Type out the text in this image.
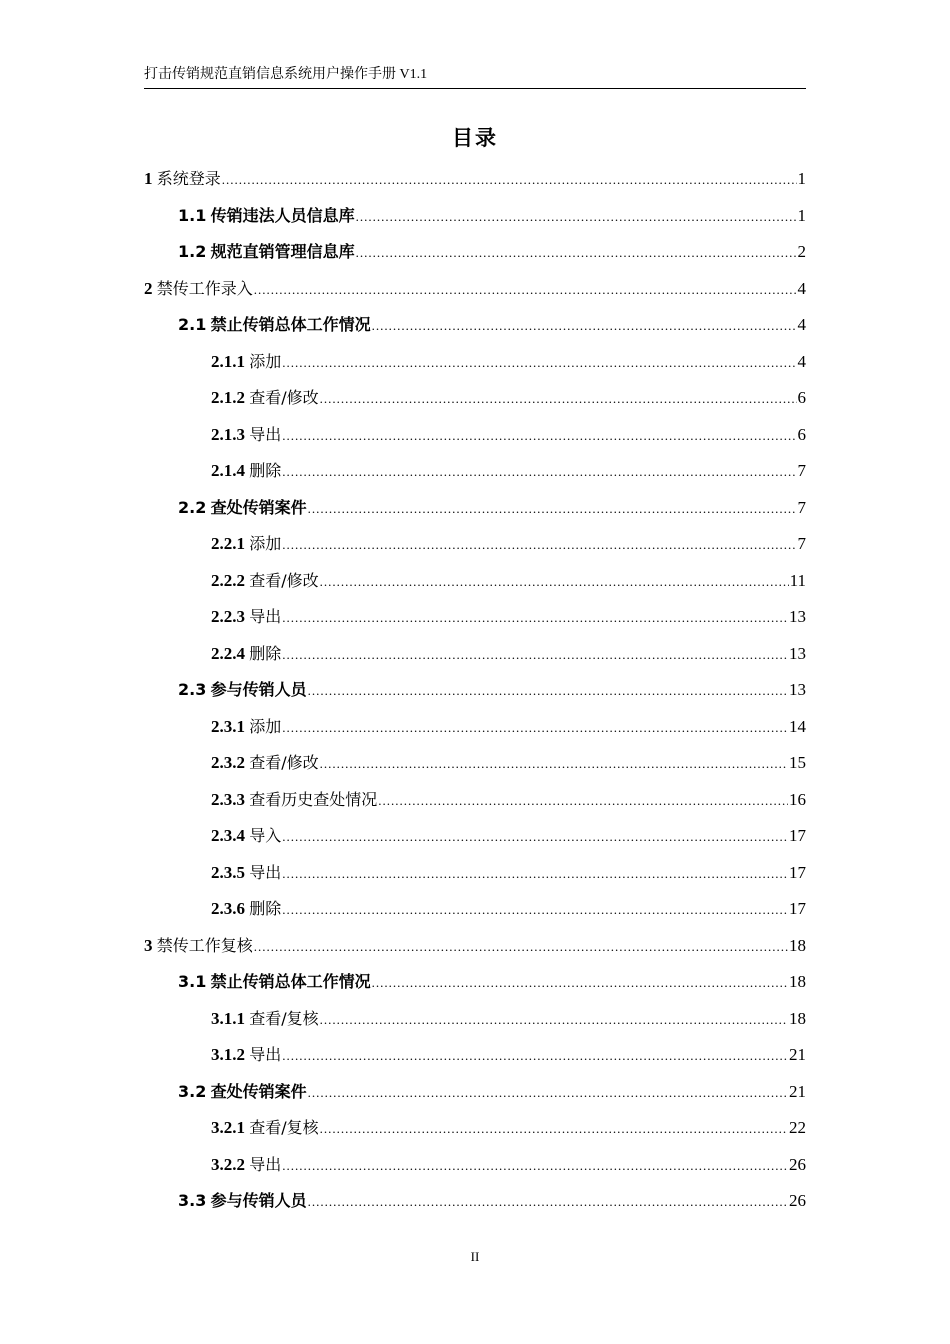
打击传销规范直销信息系统用户操作手册 V1.1
目录
1 系统登录 .....	1
1.1 传销违法人员信息库 .....	1
1.2 规范直销管理信息库 .....	2
2 禁传工作录入 .....	4
2.1 禁止传销总体工作情况 .....	4
2.1.1 添加 .....	4
2.1.2 查看/修改 .....	6
2.1.3 导出 .....	6
2.1.4 删除 .....	7
2.2 查处传销案件 .....	7
2.2.1 添加 .....	7
2.2.2 查看/修改 .....	11
2.2.3 导出 .....	13
2.2.4 删除 .....	13
2.3 参与传销人员 .....	13
2.3.1 添加 .....	14
2.3.2 查看/修改 .....	15
2.3.3 查看历史查处情况 .....	16
2.3.4 导入 .....	17
2.3.5 导出 .....	17
2.3.6 删除 .....	17
3 禁传工作复核 .....	18
3.1 禁止传销总体工作情况 .....	18
3.1.1 查看/复核 .....	18
3.1.2 导出 .....	21
3.2 查处传销案件 .....	21
3.2.1 查看/复核 .....	22
3.2.2 导出 .....	26
3.3 参与传销人员 .....	26
II
